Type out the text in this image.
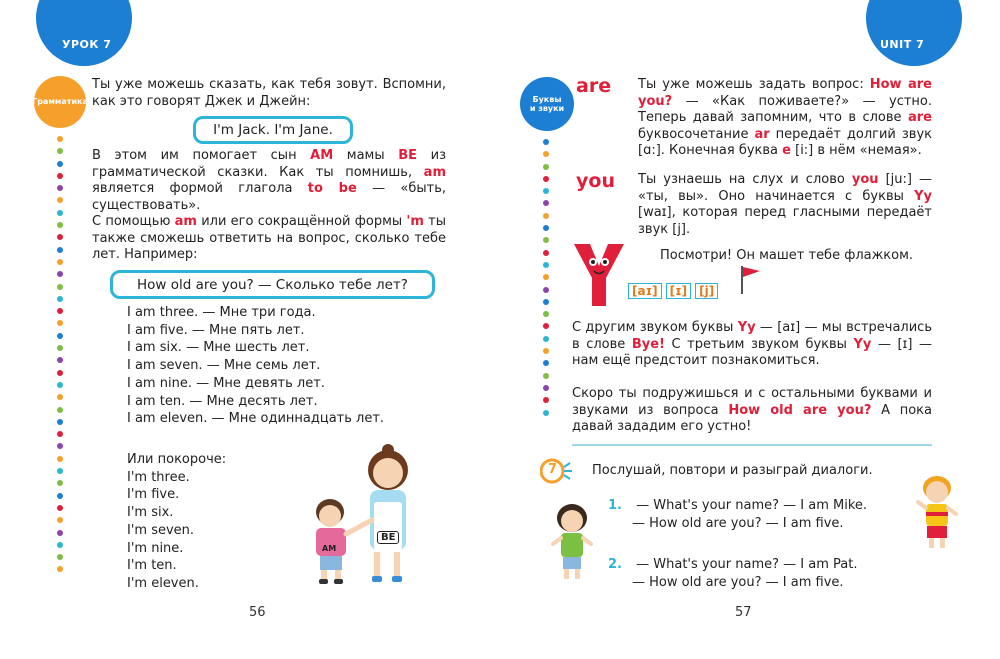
УРОК 7
Грамматика

Ты уже можешь сказать, как тебя зовут. Вспомни, как это говорят Джек и Джейн:

I'm Jack. I'm Jane.

В этом им помогает сын AM мамы BE из грамматической сказки. Как ты помнишь, am является формой глагола to be — «быть, существовать».

С помощью am или его сокращённой формы 'm ты также сможешь ответить на вопрос, сколько тебе лет. Например:

How old are you? — Сколько тебе лет?
I am three. — Мне три года.
I am five. — Мне пять лет.
I am six. — Мне шесть лет.
I am seven. — Мне семь лет.
I am nine. — Мне девять лет.
I am ten. — Мне десять лет.
I am eleven. — Мне одиннадцать лет.
Или покороче:
I'm three.
I'm five.
I'm six.
I'm seven.
I'm nine.
I'm ten.
I'm eleven.
AM
BE
56
UNIT 7
Буквы
и звуки
are
you

Ты уже можешь задать вопрос: How are you? — «Как поживаете?» — устно. Теперь давай запомним, что в слове are буквосочетание ar передаёт долгий звук [ɑ:]. Конечная буква e [i:] в нём «немая».

Ты узнаешь на слух и слово you [ju:] — «ты, вы». Оно начинается с буквы Yy [waɪ], которая перед гласными передаёт звук [j].

[aɪ]	[ɪ]	[j]
Посмотри! Он машет тебе флажком.

С другим звуком буквы Yy — [aɪ] — мы встречались в слове Bye! С третьим звуком буквы Yy — [ɪ] — нам ещё предстоит познакомиться.

Скоро ты подружишься и с остальными буквами и звуками из вопроса How old are you? А пока давай зададим его устно!

7	Послушай, повтори и разыграй диалоги.
1. — What's your name? — I am Mike.
— How old are you? — I am five.
2. — What's your name? — I am Pat.
— How old are you? — I am five.
57
